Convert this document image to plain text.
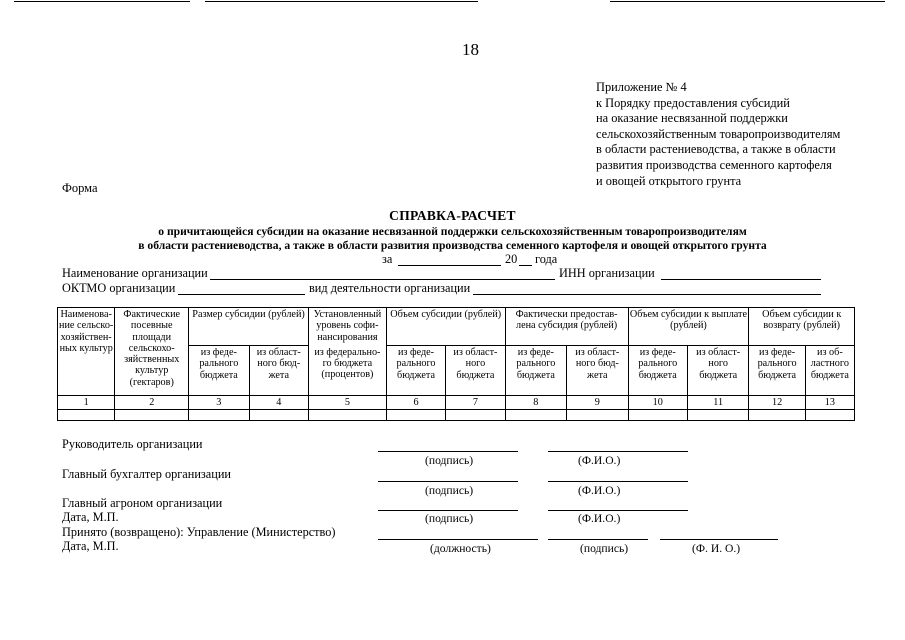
18
Приложение № 4
к Порядку предоставления субсидий
на оказание несвязанной поддержки
сельскохозяйственным товаропроизводителям
в области растениеводства, а также в области
развития производства семенного картофеля
и овощей открытого грунта
Форма
СПРАВКА-РАСЧЕТ
о причитающейся субсидии на оказание несвязанной поддержки сельскохозяйственным товаропроизводителям
в области растениеводства, а также в области развития производства семенного картофеля и овощей открытого грунта
за	20 года
Наименование организации	ИНН организации
ОКТМО организации	вид деятельности организации
Наименова-ние сельско-хозяйствен-ных культур	Фактические посевные площади сельскохо-зяйственных культур (гектаров)	Размер субсидии (рублей)		Установленный уровень софи-нансирования	Объем субсидии (рублей)		Фактически предостав-лена субсидия (рублей)		Объем субсидии к выплате (рублей)		Объем субсидии к возврату (рублей)	
		из феде-рального бюджета	из област-ного бюд-жета	из федерально-го бюджета (процентов)	из феде-рального бюджета	из област-ного бюджета	из феде-рального бюджета	из област-ного бюд-жета	из феде-рального бюджета	из област-ного бюджета	из феде-рального бюджета	из об-ластного бюджета
1	2	3	4	5	6	7	8	9	10	11	12	13

Руководитель организации
(подпись)	(Ф.И.О.)
Главный бухгалтер организации
(подпись)	(Ф.И.О.)
Главный агроном организации
Дата, М.П.	(подпись)	(Ф.И.О.)
Принято (возвращено): Управление (Министерство)
Дата, М.П.	(должность)	(подпись)	(Ф. И. О.)
